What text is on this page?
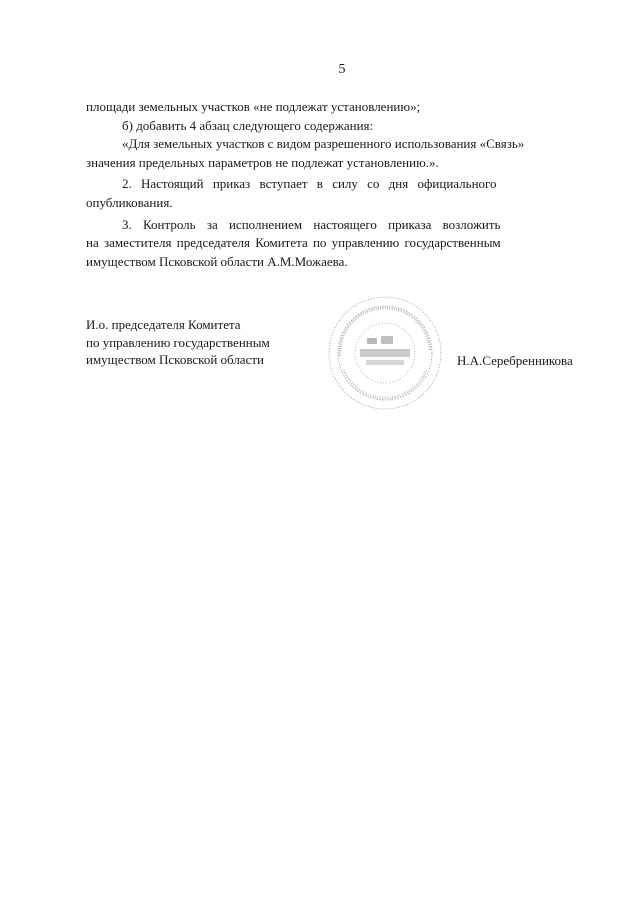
5
площади земельных участков «не подлежат установлению»;
б) добавить 4 абзац следующего содержания:
«Для земельных участков с видом разрешенного использования «Связь»
значения предельных параметров не подлежат установлению.».
2. Настоящий приказ вступает в силу со дня официального
опубликования.
3. Контроль за исполнением настоящего приказа возложить
на заместителя председателя Комитета по управлению государственным
имуществом Псковской области А.М.Можаева.
И.о. председателя Комитета
по управлению государственным
имуществом Псковской области	Н.А.Серебренникова
